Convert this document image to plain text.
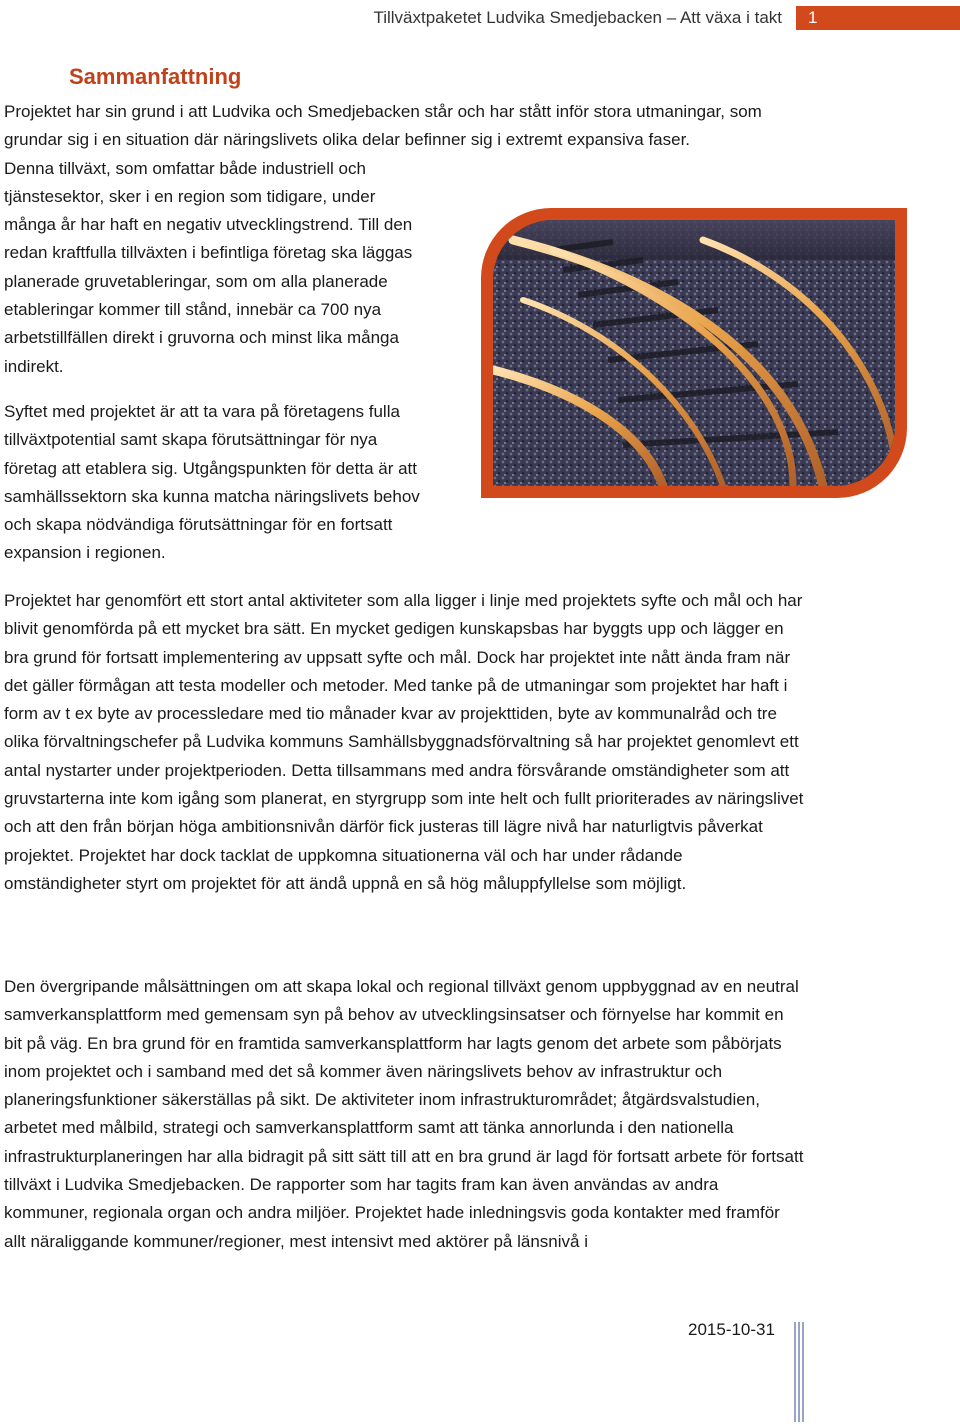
Tillväxtpaketet Ludvika Smedjebacken – Att växa i takt	1
Sammanfattning

Projektet har sin grund i att Ludvika och Smedjebacken står och har stått inför stora utmaningar, som grundar sig i en situation där näringslivets olika delar befinner sig i extremt expansiva faser.
Denna tillväxt, som omfattar både industriell och tjänstesektor, sker i en region som tidigare, under många år har haft en negativ utvecklingstrend. Till den redan kraftfulla tillväxten i befintliga företag ska läggas planerade gruvetableringar, som om alla planerade etableringar kommer till stånd, innebär ca 700 nya arbetstillfällen direkt i gruvorna och minst lika många indirekt.

Syftet med projektet är att ta vara på företagens fulla tillväxtpotential samt skapa förutsättningar för nya företag att etablera sig. Utgångspunkten för detta är att samhällssektorn ska kunna matcha näringslivets behov och skapa nödvändiga förutsättningar för en fortsatt expansion i regionen.

Projektet har genomfört ett stort antal aktiviteter som alla ligger i linje med projektets syfte och mål och har blivit genomförda på ett mycket bra sätt. En mycket gedigen kunskapsbas har byggts upp och lägger en bra grund för fortsatt implementering av uppsatt syfte och mål. Dock har projektet inte nått ända fram när det gäller förmågan att testa modeller och metoder. Med tanke på de utmaningar som projektet har haft i form av t ex byte av processledare med tio månader kvar av projekttiden, byte av kommunalråd och tre olika förvaltningschefer på Ludvika kommuns Samhällsbyggnadsförvaltning så har projektet genomlevt ett antal nystarter under projektperioden. Detta tillsammans med andra försvårande omständigheter som att gruvstarterna inte kom igång som planerat, en styrgrupp som inte helt och fullt prioriterades av näringslivet och att den från början höga ambitionsnivån därför fick justeras till lägre nivå har naturligtvis påverkat projektet. Projektet har dock tacklat de uppkomna situationerna väl och har under rådande omständigheter styrt om projektet för att ändå uppnå en så hög måluppfyllelse som möjligt.

Den övergripande målsättningen om att skapa lokal och regional tillväxt genom uppbyggnad av en neutral samverkansplattform med gemensam syn på behov av utvecklingsinsatser och förnyelse har kommit en bit på väg. En bra grund för en framtida samverkansplattform har lagts genom det arbete som påbörjats inom projektet och i samband med det så kommer även näringslivets behov av infrastruktur och planeringsfunktioner säkerställas på sikt. De aktiviteter inom infrastrukturområdet; åtgärdsvalstudien, arbetet med målbild, strategi och samverkansplattform samt att tänka annorlunda i den nationella infrastrukturplaneringen har alla bidragit på sitt sätt till att en bra grund är lagd för fortsatt arbete för fortsatt tillväxt i Ludvika Smedjebacken. De rapporter som har tagits fram kan även användas av andra kommuner, regionala organ och andra miljöer. Projektet hade inledningsvis goda kontakter med framför allt näraliggande kommuner/regioner, mest intensivt med aktörer på länsnivå i

2015-10-31
